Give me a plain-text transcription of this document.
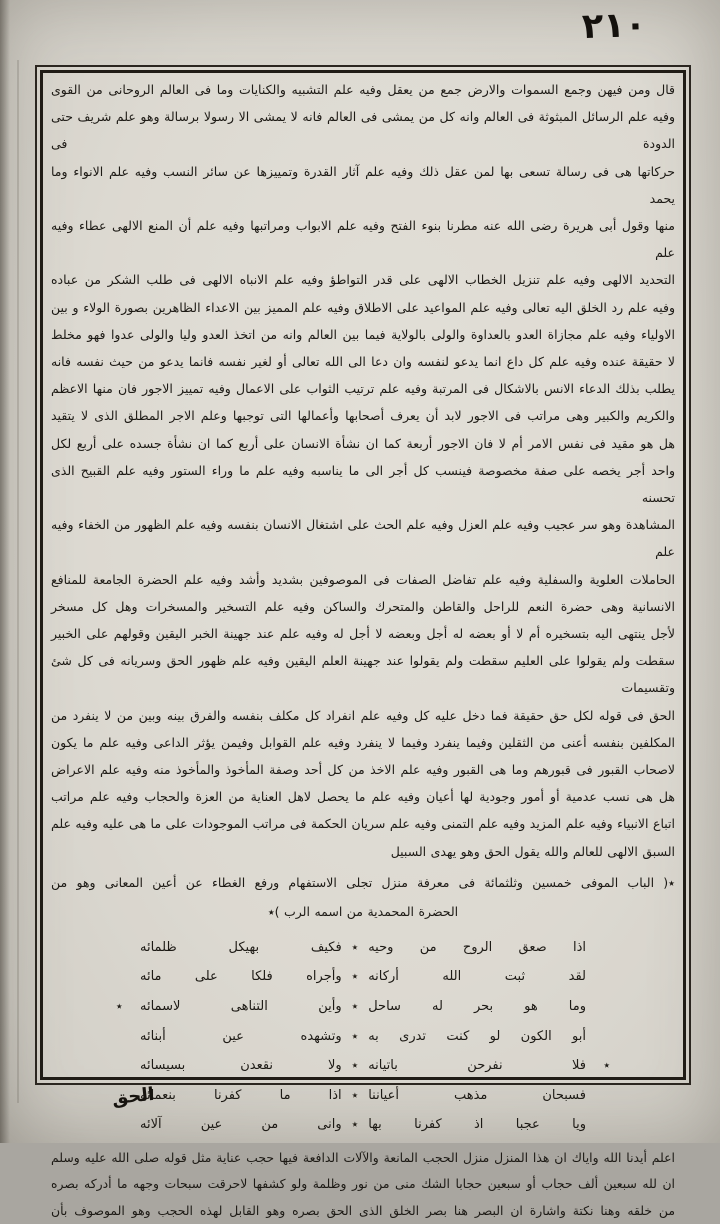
٢١٠
قال ومن فيهن وجمع السموات والارض جمع من يعقل وفيه علم التشبيه والكنايات وما فى العالم الروحانى من القوى
وفيه علم الرسائل المبثوثة فى العالم وانه كل من يمشى فى العالم فانه لا يمشى الا رسولا برسالة وهو علم شريف حتى الدودة فى
حركاتها هى فى رسالة تسعى بها لمن عقل ذلك وفيه علم آثار القدرة وتمييزها عن سائر النسب وفيه علم الانواء وما يحمد
منها وقول أبى هريرة رضى الله عنه مطرنا بنوء الفتح وفيه علم الابواب ومراتبها وفيه علم أن المنع الالهى عطاء وفيه علم
التحديد الالهى وفيه علم تنزيل الخطاب الالهى على قدر التواطؤ وفيه علم الانباه الالهى فى طلب الشكر من عباده
وفيه علم رد الخلق اليه تعالى وفيه علم المواعيد على الاطلاق وفيه علم المميز بين الاعداء الظاهرين بصورة الولاء و بين
الاولياء وفيه علم مجازاة العدو بالعداوة والولى بالولاية فيما بين العالم وانه من اتخذ العدو وليا والولى عدوا فهو مخلط
لا حقيقة عنده وفيه علم كل داع انما يدعو لنفسه وان دعا الى الله تعالى أو لغير نفسه فانما يدعو من حيث نفسه فانه
يطلب بذلك الدعاء الانس بالاشكال فى المرتبة وفيه علم ترتيب الثواب على الاعمال وفيه تمييز الاجور فان منها الاعظم
والكريم والكبير وهى مراتب فى الاجور لابد أن يعرف أصحابها وأعمالها التى توجبها وعلم الاجر المطلق الذى لا يتقيد
هل هو مقيد فى نفس الامر أم لا فان الاجور أربعة كما ان نشأة الانسان على أربع كما ان نشأة جسده على أربع لكل
واحد أجر يخصه على صفة مخصوصة فينسب كل أجر الى ما يناسبه وفيه علم ما وراء الستور وفيه علم القبيح الذى تحسنه
المشاهدة وهو سر عجيب وفيه علم العزل وفيه علم الحث على اشتغال الانسان بنفسه وفيه علم الظهور من الخفاء وفيه علم
الحاملات العلوية والسفلية وفيه علم تفاضل الصفات فى الموصوفين بشديد وأشد وفيه علم الحضرة الجامعة للمنافع
الانسانية وهى حضرة النعم للراحل والقاطن والمتحرك والساكن وفيه علم التسخير والمسخرات وهل كل مسخر
لأجل ينتهى اليه بتسخيره أم لا أو بعضه له أجل وبعضه لا أجل له وفيه علم عند جهينة الخبر اليقين وقولهم على الخبير
سقطت ولم يقولوا على العليم سقطت ولم يقولوا عند جهينة العلم اليقين وفيه علم ظهور الحق وسريانه فى كل شئ وتقسيمات
الحق فى قوله لكل حق حقيقة فما دخل عليه كل وفيه علم انفراد كل مكلف بنفسه والفرق بينه وبين من لا ينفرد من
المكلفين بنفسه أعنى من الثقلين وفيما ينفرد وفيما لا ينفرد وفيه علم القوابل وفيمن يؤثر الداعى وفيه علم ما يكون
لاصحاب القبور فى قبورهم وما هى القبور وفيه علم الاخذ من كل أحد وصفة المأخوذ والمأخوذ منه وفيه علم الاعراض
هل هى نسب عدمية أو أمور وجودية لها أعيان وفيه علم ما يحصل لاهل العناية من العزة والحجاب وفيه علم مراتب
اتباع الانبياء وفيه علم المزيد وفيه علم التمنى وفيه علم سريان الحكمة فى مراتب الموجودات على ما هى عليه وفيه علم
السبق الالهى للعالم والله يقول الحق وهو يهدى السبيل
٭( الباب الموفى خمسين وثلثمائة فى معرفة منزل تجلى الاستفهام ورفع الغطاء عن أعين المعانى وهو من
الحضرة المحمدية من اسمه الرب )٭
اذا صعق الروح من وحيه
٭
فكيف بهيكل ظلمائه
لقد ثبت الله أركانه
٭
وأجراه فلكا على مائه
وما هو بحر له ساحل
٭
وأين التناهى لاسمائه
٭
أبو الكون لو كنت تدرى به
٭
وتشهده عين أبنائه
٭
فلا نفرحن باتيانه
٭
ولا نقعدن بسيسائه
فسبحان مذهب أعياننا
٭
اذا ما كفرنا بنعمائه
ويا عجبا اذ كفرنا بها
٭
وانى من عين آلائه
اعلم أيدنا الله واياك ان هذا المنزل منزل الحجب المانعة والآلات الدافعة فيها حجب عناية مثل قوله صلى الله عليه وسلم
ان لله سبعين ألف حجاب أو سبعين حجابا الشك منى من نور وظلمة ولو كشفها لاحرقت سبحات وجهه ما أدركه بصره
من خلقه وهنا نكتة واشارة ان البصر هنا بصر الخلق الذى الحق بصره وهو القابل لهذه الحجب وهو الموصوف بأن
الحق
